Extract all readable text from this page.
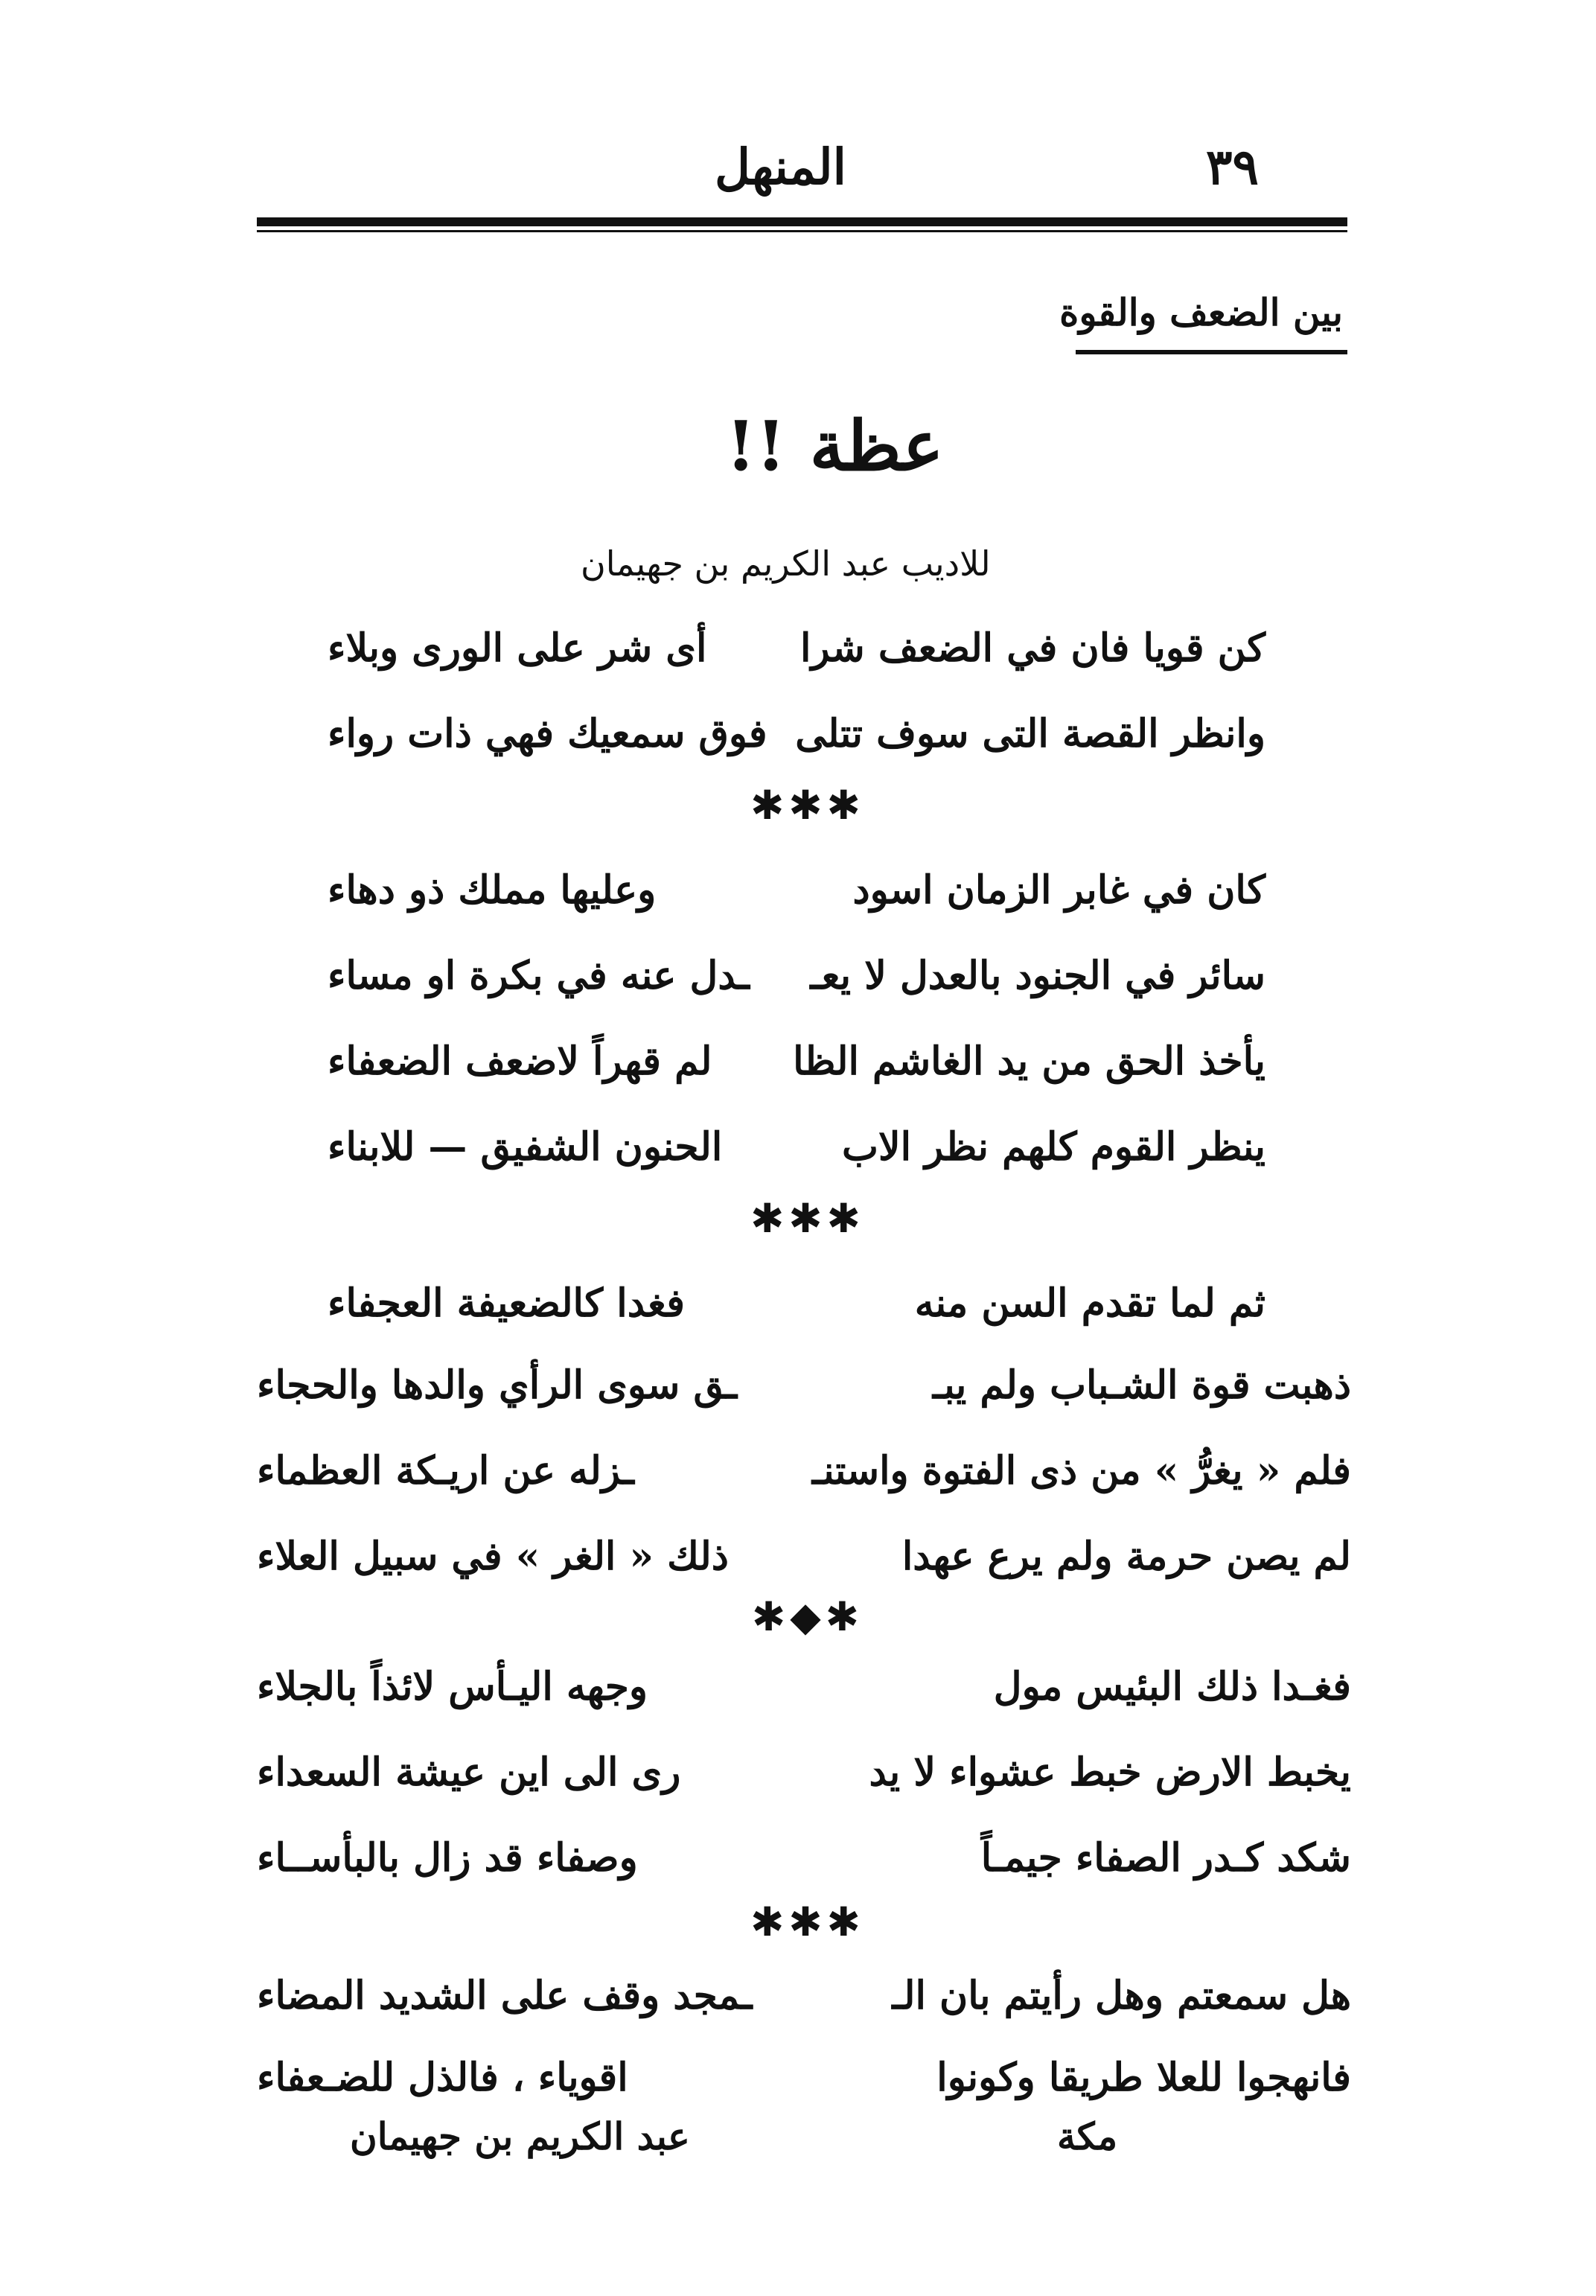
المنهل	٣٩
بين الضعف والقوة
عظة !!
للاديب عبد الكريم بن جهيمان
كن قويا فان في الضعف شرا
أى شر على الورى وبلاء
وانظر القصة التى سوف تتلى
فوق سمعيك فهي ذات رواء
✱✱✱
كان في غابر الزمان اسود
وعليها مملك ذو دهاء
سائر في الجنود بالعدل لا يعـ
ـدل عنه في بكرة او مساء
يأخذ الحق من يد الغاشم الظا
لم قهراً لاضعف الضعفاء
ينظر القوم كلهم نظر الاب
الحنون الشفيق — للابناء
✱✱✱
ثم لما تقدم السن منه
فغدا كالضعيفة العجفاء
ذهبت قوة الشـباب ولم يبـ
ـق سوى الرأي والدها والحجاء
فلم « يغرُّ » من ذى الفتوة واستنـ
ـزله عن اريـكة العظماء
لم يصن حرمة ولم يرع عهدا
ذلك « الغر » في سبيل العلاء
✱◆✱
فغـدا ذلك البئيس مول
وجهه اليـأس لائذاً بالجلاء
يخبط الارض خبط عشواء لا يد
رى الى اين عيشة السعداء
شكد كـدر الصفاء جيمـاً
وصفاء قد زال بالبأســاء
✱✱✱
هل سمعتم وهل رأيتم بان الـ
ـمجد وقف على الشديد المضاء
فانهجوا للعلا طريقا وكونوا
اقوياء ، فالذل للضـعفاء
عبد الكريم بن جهيمان	مكة
